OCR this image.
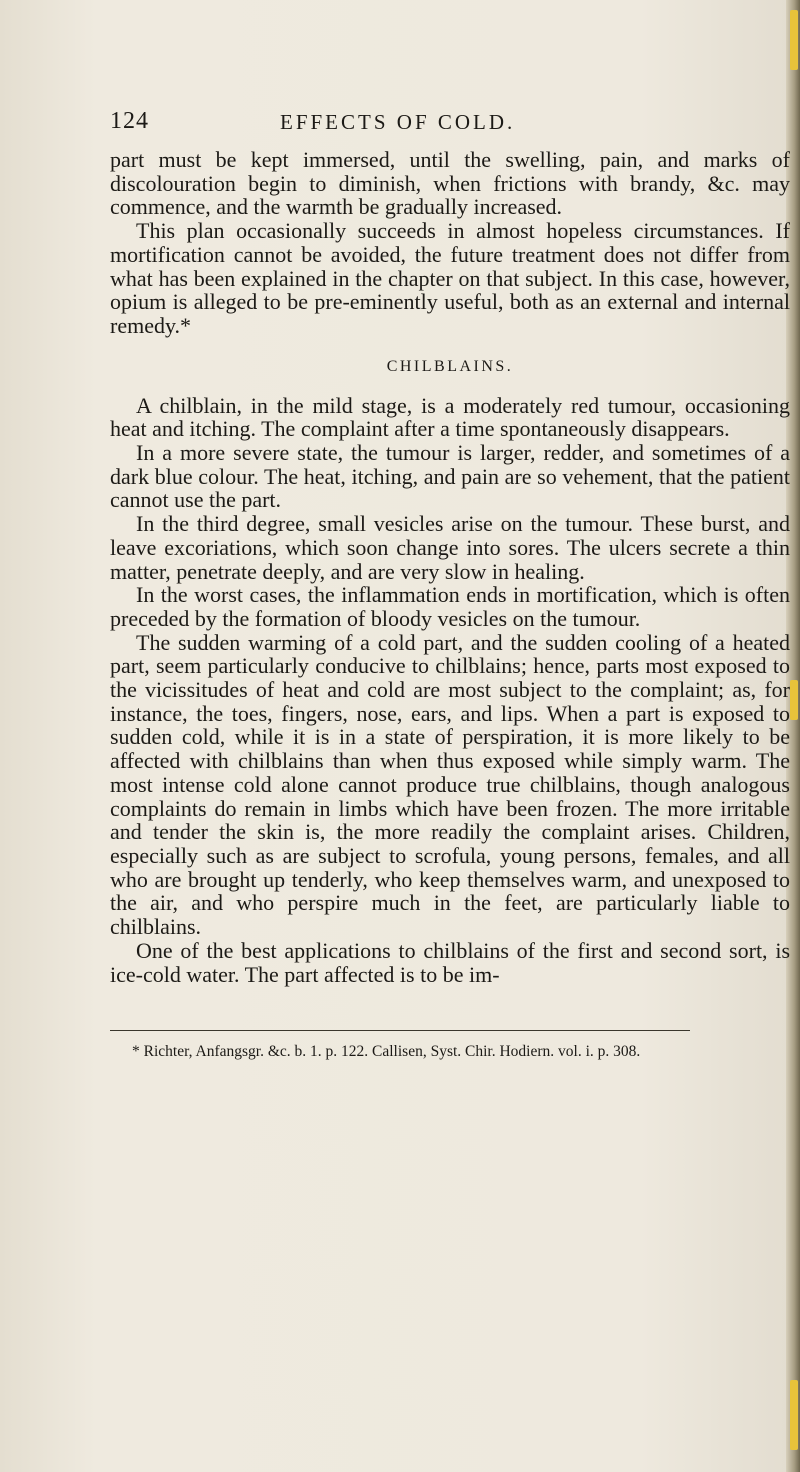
124	EFFECTS OF COLD.

part must be kept immersed, until the swelling, pain, and marks of discolouration begin to diminish, when frictions with brandy, &c. may commence, and the warmth be gradually increased.

This plan occasionally succeeds in almost hopeless circumstances. If mortification cannot be avoided, the future treatment does not differ from what has been explained in the chapter on that subject. In this case, however, opium is alleged to be pre-eminently useful, both as an external and internal remedy.*

CHILBLAINS.

A chilblain, in the mild stage, is a moderately red tumour, occasioning heat and itching. The complaint after a time spontaneously disappears.

In a more severe state, the tumour is larger, redder, and sometimes of a dark blue colour. The heat, itching, and pain are so vehement, that the patient cannot use the part.

In the third degree, small vesicles arise on the tumour. These burst, and leave excoriations, which soon change into sores. The ulcers secrete a thin matter, penetrate deeply, and are very slow in healing.

In the worst cases, the inflammation ends in mortification, which is often preceded by the formation of bloody vesicles on the tumour.

The sudden warming of a cold part, and the sudden cooling of a heated part, seem particularly conducive to chilblains; hence, parts most exposed to the vicissitudes of heat and cold are most subject to the complaint; as, for instance, the toes, fingers, nose, ears, and lips. When a part is exposed to sudden cold, while it is in a state of perspiration, it is more likely to be affected with chilblains than when thus exposed while simply warm. The most intense cold alone cannot produce true chilblains, though analogous complaints do remain in limbs which have been frozen. The more irritable and tender the skin is, the more readily the complaint arises. Children, especially such as are subject to scrofula, young persons, females, and all who are brought up tenderly, who keep themselves warm, and unexposed to the air, and who perspire much in the feet, are particularly liable to chilblains.

One of the best applications to chilblains of the first and second sort, is ice-cold water. The part affected is to be im-

* Richter, Anfangsgr. &c. b. 1. p. 122. Callisen, Syst. Chir. Hodiern. vol. i. p. 308.
